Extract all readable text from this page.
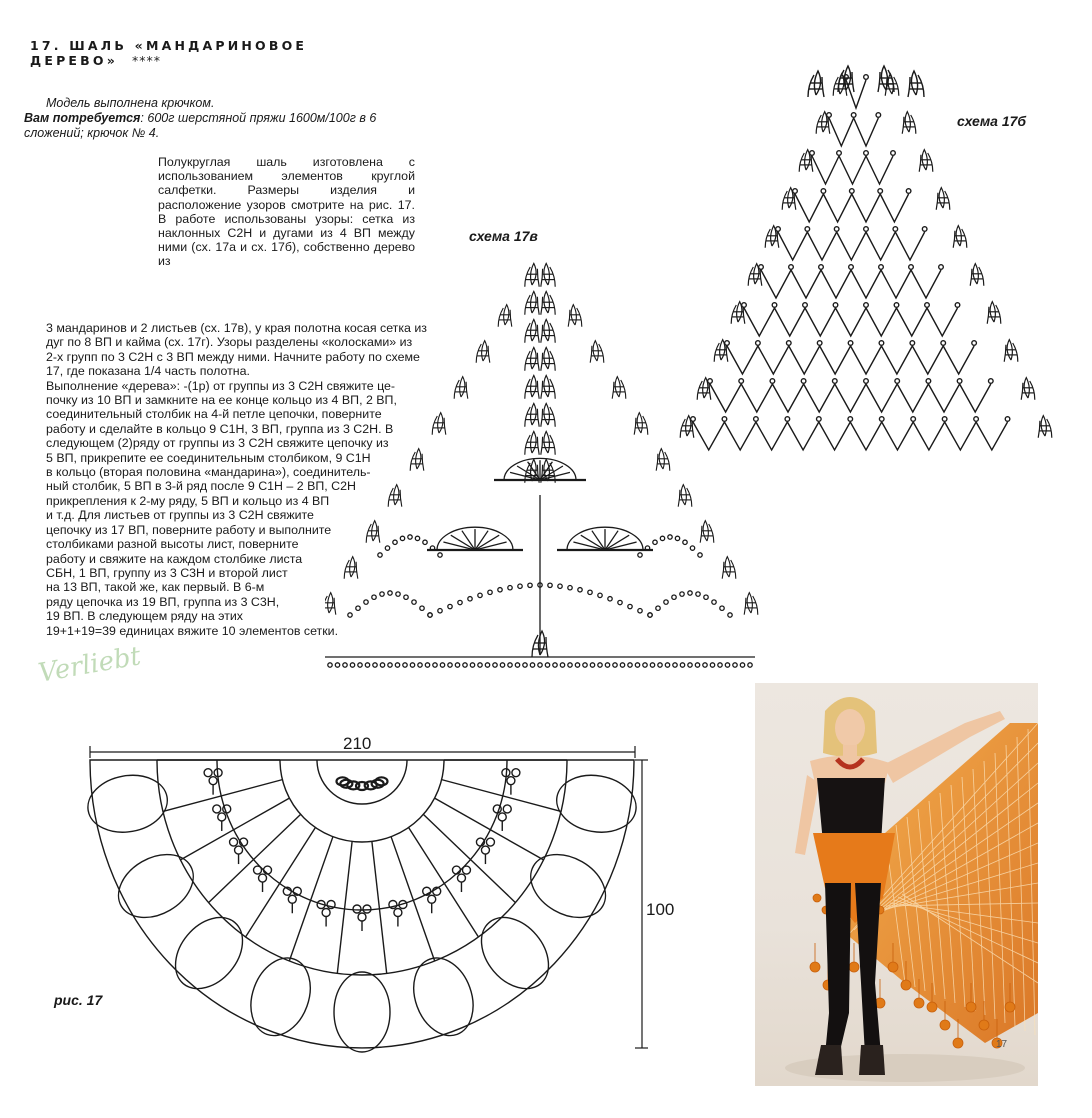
17. ШАЛЬ «МАНДАРИНОВОЕ
ДЕРЕВО» ****
Модель выполнена крючком.
Вам потребуется: 600г шерстяной пряжи 1600м/100г в 6 сложений; крючок № 4.
Полукруглая шаль изготовлена с использованием элементов круглой салфетки. Размеры изделия и расположение узоров смотрите на рис. 17. В работе использованы узоры: сетка из наклонных С2Н и дугами из 4 ВП между ними (сх. 17а и сх. 17б), собственно дерево из
3 мандаринов и 2 листьев (сх. 17в), у края полотна косая сетка из
дуг по 8 ВП и кайма (сх. 17г). Узоры разделены «колосками» из
2-х групп по 3 С2Н с 3 ВП между ними. Начните работу по схеме
17, где показана 1/4 часть полотна.
Выполнение «дерева»: -(1р) от группы из 3 С2Н свяжите це-
почку из 10 ВП и замкните на ее конце кольцо из 4 ВП, 2 ВП,
соединительный столбик на 4-й петле цепочки, поверните
работу и сделайте в кольцо 9 С1Н, 3 ВП, группа из 3 С2Н. В
следующем (2)ряду от группы из 3 С2Н свяжите цепочку из
5 ВП, прикрепите ее соединительным столбиком, 9 С1Н
в кольцо (вторая половина «мандарина»), соединитель-
ный столбик, 5 ВП в 3-й ряд после 9 С1Н – 2 ВП, С2Н
прикрепления к 2-му ряду, 5 ВП и кольцо из 4 ВП
и т.д. Для листьев от группы из 3 С2Н свяжите
цепочку из 17 ВП, поверните работу и выполните
столбиками разной высоты лист, поверните
работу и свяжите на каждом столбике листа
СБН, 1 ВП, группу из 3 С3Н и второй лист
на 13 ВП, такой же, как первый. В 6-м
ряду цепочка из 19 ВП, группа из 3 С3Н,
19 ВП. В следующем ряду на этих
19+1+19=39 единицах вяжите 10 элементов сетки.
схема 17б
схема 17в
рис. 17
Verliebt
210
100
17
